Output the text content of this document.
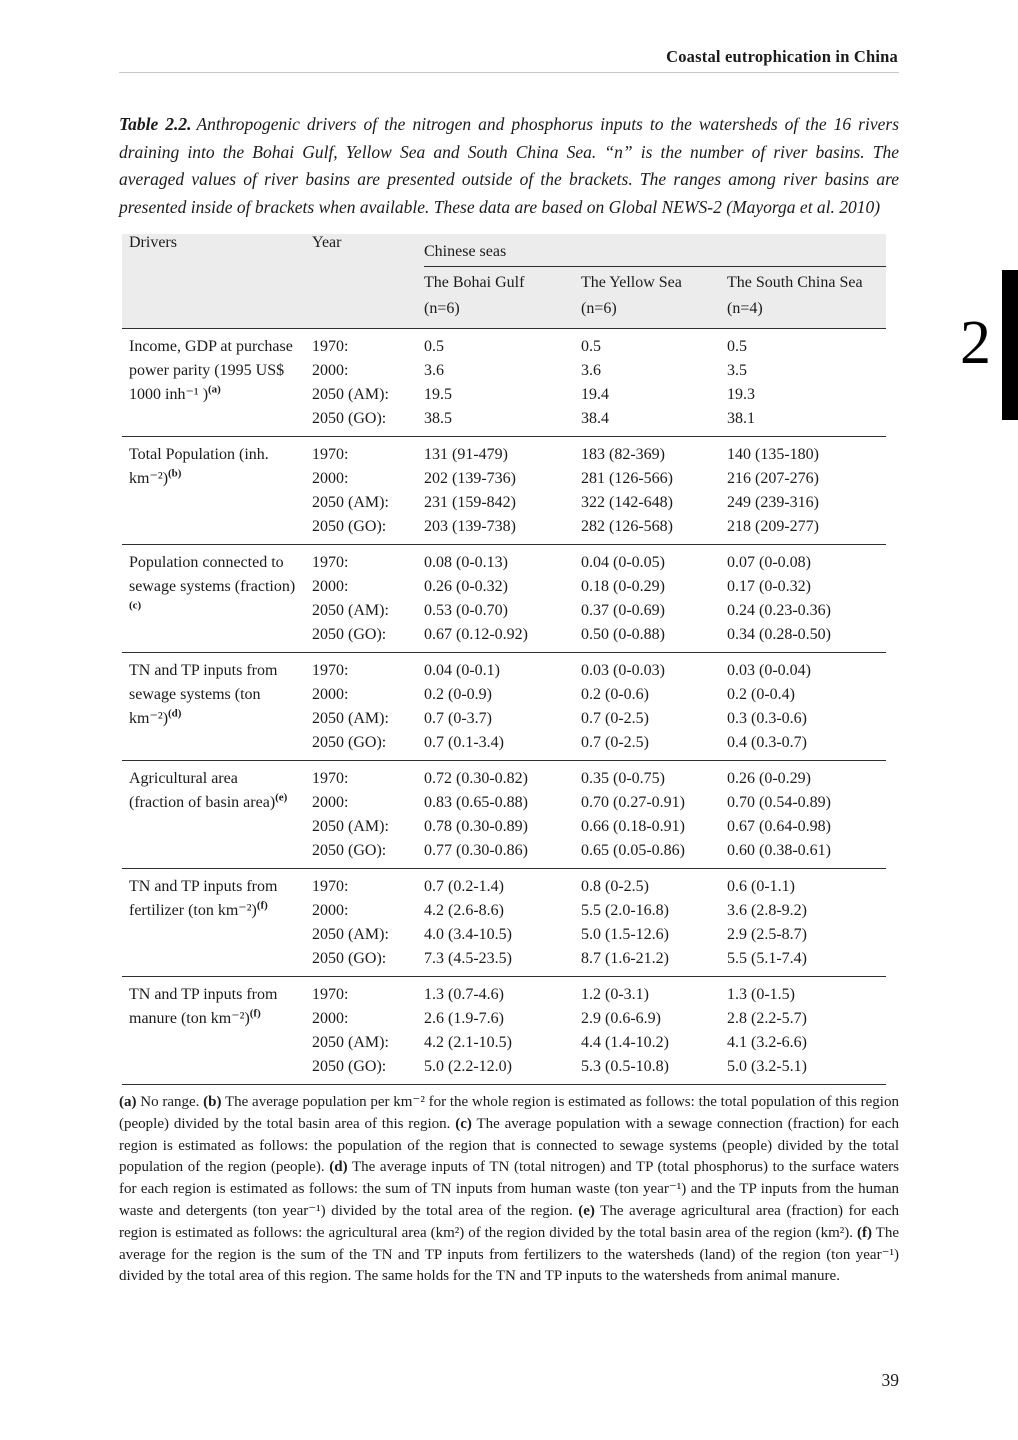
Coastal eutrophication in China

Table 2.2. Anthropogenic drivers of the nitrogen and phosphorus inputs to the watersheds of the 16 rivers draining into the Bohai Gulf, Yellow Sea and South China Sea. “n” is the number of river basins. The averaged values of river basins are presented outside of the brackets. The ranges among river basins are presented inside of brackets when available. These data are based on Global NEWS-2 (Mayorga et al. 2010)

Drivers	Year	Chinese seas		
		The Bohai Gulf	The Yellow Sea	The South China Sea
		(n=6)	(n=6)	(n=4)
Income, GDP at purchase power parity (1995 US$ 1000 inh⁻¹ )$^{(a)}$	1970:	0.5	0.5	0.5
	2000:	3.6	3.6	3.5
	2050 (AM):	19.5	19.4	19.3
	2050 (GO):	38.5	38.4	38.1
Total Population (inh. km⁻²)$^{(b)}$	1970:	131 (91-479)	183 (82-369)	140 (135-180)
	2000:	202 (139-736)	281 (126-566)	216 (207-276)
	2050 (AM):	231 (159-842)	322 (142-648)	249 (239-316)
	2050 (GO):	203 (139-738)	282 (126-568)	218 (209-277)
Population connected to sewage systems (fraction)$^{(c)}$	1970:	0.08 (0-0.13)	0.04 (0-0.05)	0.07 (0-0.08)
	2000:	0.26 (0-0.32)	0.18 (0-0.29)	0.17 (0-0.32)
	2050 (AM):	0.53 (0-0.70)	0.37 (0-0.69)	0.24 (0.23-0.36)
	2050 (GO):	0.67 (0.12-0.92)	0.50 (0-0.88)	0.34 (0.28-0.50)
TN and TP inputs from sewage systems (ton km⁻²)$^{(d)}$	1970:	0.04 (0-0.1)	0.03 (0-0.03)	0.03 (0-0.04)
	2000:	0.2 (0-0.9)	0.2 (0-0.6)	0.2 (0-0.4)
	2050 (AM):	0.7 (0-3.7)	0.7 (0-2.5)	0.3 (0.3-0.6)
	2050 (GO):	0.7 (0.1-3.4)	0.7 (0-2.5)	0.4 (0.3-0.7)
Agricultural area (fraction of basin area)$^{(e)}$	1970:	0.72 (0.30-0.82)	0.35 (0-0.75)	0.26 (0-0.29)
	2000:	0.83 (0.65-0.88)	0.70 (0.27-0.91)	0.70 (0.54-0.89)
	2050 (AM):	0.78 (0.30-0.89)	0.66 (0.18-0.91)	0.67 (0.64-0.98)
	2050 (GO):	0.77 (0.30-0.86)	0.65 (0.05-0.86)	0.60 (0.38-0.61)
TN and TP inputs from fertilizer (ton km⁻²)$^{(f)}$	1970:	0.7 (0.2-1.4)	0.8 (0-2.5)	0.6 (0-1.1)
	2000:	4.2 (2.6-8.6)	5.5 (2.0-16.8)	3.6 (2.8-9.2)
	2050 (AM):	4.0 (3.4-10.5)	5.0 (1.5-12.6)	2.9 (2.5-8.7)
	2050 (GO):	7.3 (4.5-23.5)	8.7 (1.6-21.2)	5.5 (5.1-7.4)
TN and TP inputs from manure (ton km⁻²)$^{(f)}$	1970:	1.3 (0.7-4.6)	1.2 (0-3.1)	1.3 (0-1.5)
	2000:	2.6 (1.9-7.6)	2.9 (0.6-6.9)	2.8 (2.2-5.7)
	2050 (AM):	4.2 (2.1-10.5)	4.4 (1.4-10.2)	4.1 (3.2-6.6)
	2050 (GO):	5.0 (2.2-12.0)	5.3 (0.5-10.8)	5.0 (3.2-5.1)

(a) No range. (b) The average population per km⁻² for the whole region is estimated as follows: the total population of this region (people) divided by the total basin area of this region. (c) The average population with a sewage connection (fraction) for each region is estimated as follows: the population of the region that is connected to sewage systems (people) divided by the total population of the region (people). (d) The average inputs of TN (total nitrogen) and TP (total phosphorus) to the surface waters for each region is estimated as follows: the sum of TN inputs from human waste (ton year⁻¹) and the TP inputs from the human waste and detergents (ton year⁻¹) divided by the total area of the region. (e) The average agricultural area (fraction) for each region is estimated as follows: the agricultural area (km²) of the region divided by the total basin area of the region (km²). (f) The average for the region is the sum of the TN and TP inputs from fertilizers to the watersheds (land) of the region (ton year⁻¹) divided by the total area of this region. The same holds for the TN and TP inputs to the watersheds from animal manure.

2
39
